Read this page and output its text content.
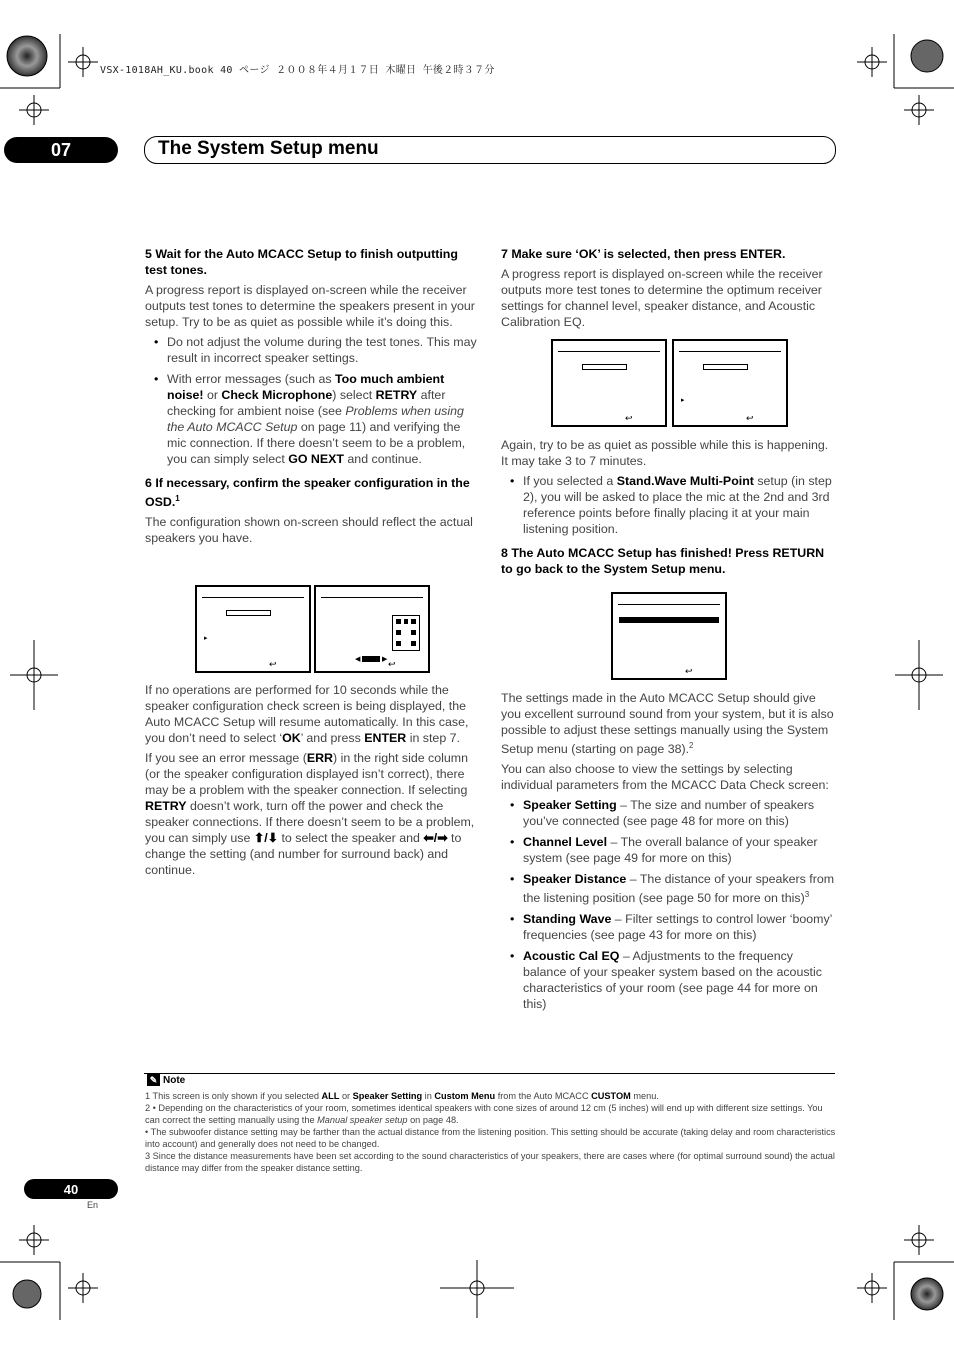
VSX-1018AH_KU.book 40 ページ ２００８年４月１７日 木曜日 午後２時３７分
07	The System Setup menu

5 Wait for the Auto MCACC Setup to finish outputting test tones.

A progress report is displayed on-screen while the receiver outputs test tones to determine the speakers present in your setup. Try to be as quiet as possible while it’s doing this.

• Do not adjust the volume during the test tones. This may result in incorrect speaker settings.
• With error messages (such as Too much ambient noise! or Check Microphone) select RETRY after checking for ambient noise (see Problems when using the Auto MCACC Setup on page 11) and verifying the mic connection. If there doesn’t seem to be a problem, you can simply select GO NEXT and continue.

6 If necessary, confirm the speaker configuration in the OSD.$^1$

The configuration shown on-screen should reflect the actual speakers you have.

▸
↩	◀	▶ ↩

If no operations are performed for 10 seconds while the speaker configuration check screen is being displayed, the Auto MCACC Setup will resume automatically. In this case, you don’t need to select ‘OK’ and press ENTER in step 7.

If you see an error message (ERR) in the right side column (or the speaker configuration displayed isn’t correct), there may be a problem with the speaker connection. If selecting RETRY doesn’t work, turn off the power and check the speaker connections. If there doesn’t seem to be a problem, you can simply use ⬆/⬇ to select the speaker and ⬅/➡ to change the setting (and number for surround back) and continue.

7 Make sure ‘OK’ is selected, then press ENTER.

A progress report is displayed on-screen while the receiver outputs more test tones to determine the optimum receiver settings for channel level, speaker distance, and Acoustic Calibration EQ.

↩
▸
↩

Again, try to be as quiet as possible while this is happening. It may take 3 to 7 minutes.

• If you selected a Stand.Wave Multi-Point setup (in step 2), you will be asked to place the mic at the 2nd and 3rd reference points before finally placing it at your main listening position.

8 The Auto MCACC Setup has finished! Press RETURN to go back to the System Setup menu.

↩

The settings made in the Auto MCACC Setup should give you excellent surround sound from your system, but it is also possible to adjust these settings manually using the System Setup menu (starting on page 38).$^2$

You can also choose to view the settings by selecting individual parameters from the MCACC Data Check screen:

• Speaker Setting – The size and number of speakers you’ve connected (see page 48 for more on this)
• Channel Level – The overall balance of your speaker system (see page 49 for more on this)
• Speaker Distance – The distance of your speakers from the listening position (see page 50 for more on this)$^3$
• Standing Wave – Filter settings to control lower ‘boomy’ frequencies (see page 43 for more on this)
• Acoustic Cal EQ – Adjustments to the frequency balance of your speaker system based on the acoustic characteristics of your room (see page 44 for more on this)
✎ Note

1 This screen is only shown if you selected ALL or Speaker Setting in Custom Menu from the Auto MCACC CUSTOM menu.

2 • Depending on the characteristics of your room, sometimes identical speakers with cone sizes of around 12 cm (5 inches) will end up with different size settings. You can correct the setting manually using the Manual speaker setup on page 48.

• The subwoofer distance setting may be farther than the actual distance from the listening position. This setting should be accurate (taking delay and room characteristics into account) and generally does not need to be changed.

3 Since the distance measurements have been set according to the sound characteristics of your speakers, there are cases where (for optimal surround sound) the actual distance may differ from the speaker distance setting.

40
En
